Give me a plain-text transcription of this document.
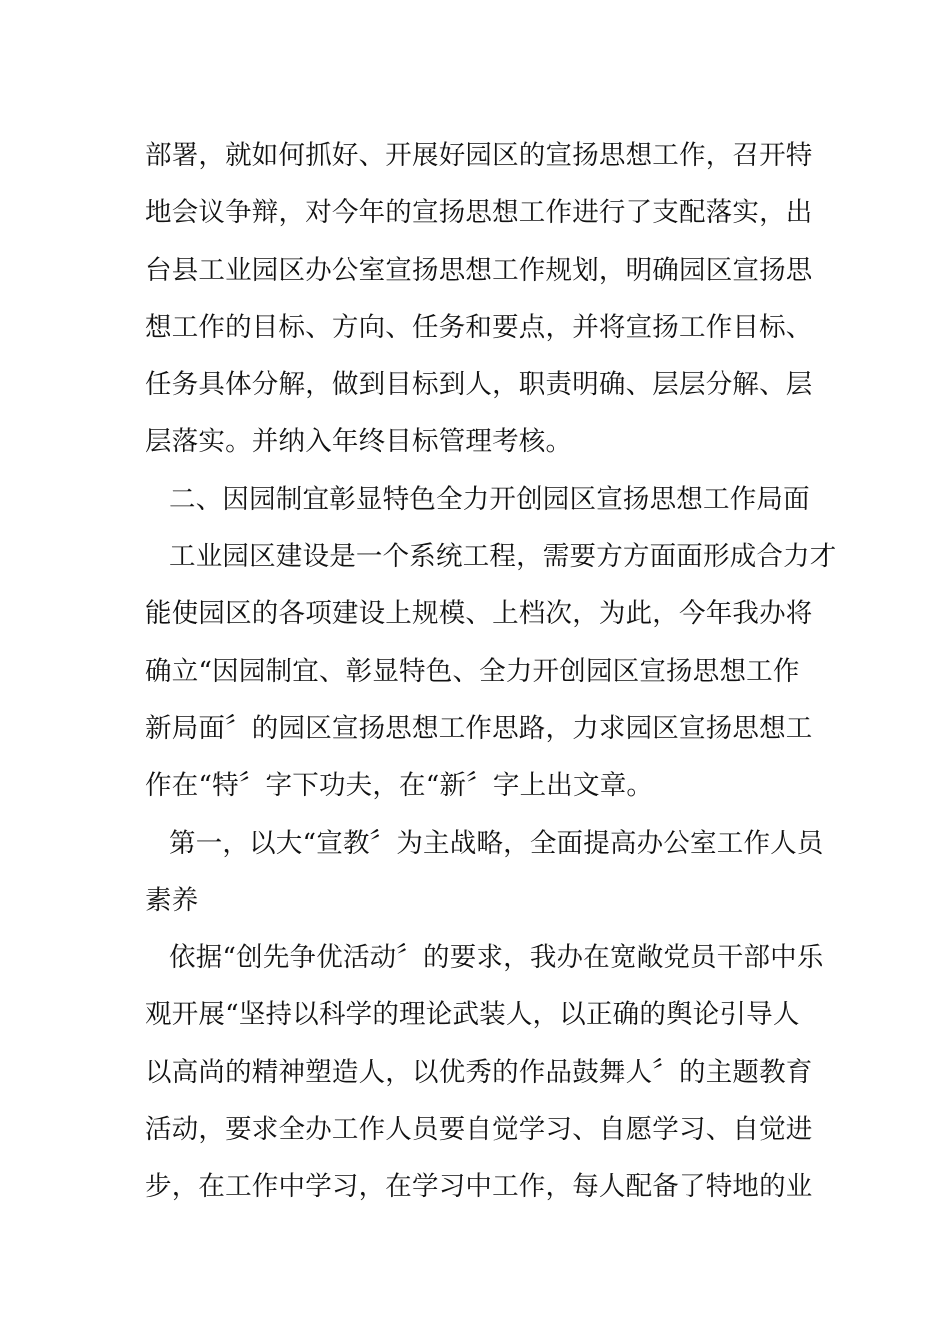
部署，就如何抓好、开展好园区的宣扬思想工作，召开特
地会议争辩，对今年的宣扬思想工作进行了支配落实，出
台县工业园区办公室宣扬思想工作规划，明确园区宣扬思
想工作的目标、方向、任务和要点，并将宣扬工作目标、
任务具体分解，做到目标到人，职责明确、层层分解、层
层落实。并纳入年终目标管理考核。
二、因园制宜彰显特色全力开创园区宣扬思想工作局面
工业园区建设是一个系统工程，需要方方面面形成合力才
能使园区的各项建设上规模、上档次，为此，今年我办将
确立“因园制宜、彰显特色、全力开创园区宣扬思想工作
新局面〞的园区宣扬思想工作思路，力求园区宣扬思想工
作在“特〞字下功夫，在“新〞字上出文章。
第一，以大“宣教〞为主战略，全面提高办公室工作人员
素养
依据“创先争优活动〞的要求，我办在宽敞党员干部中乐
观开展“坚持以科学的理论武装人，以正确的舆论引导人
以高尚的精神塑造人，以优秀的作品鼓舞人〞的主题教育
活动，要求全办工作人员要自觉学习、自愿学习、自觉进
步，在工作中学习，在学习中工作，每人配备了特地的业
